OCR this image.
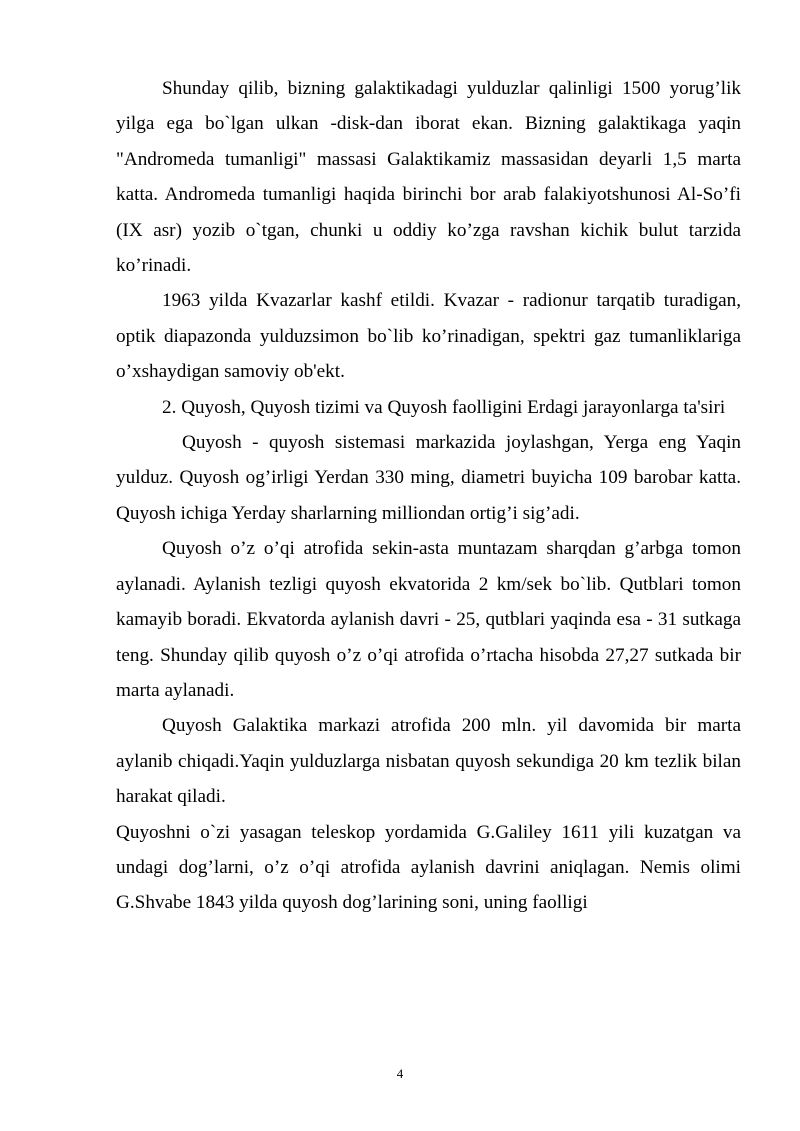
Shunday qilib, bizning galaktikadagi yulduzlar qalinligi 1500 yorug’lik yilga ega bo`lgan ulkan -disk-dan iborat ekan. Bizning galaktikaga yaqin "Andromeda tumanligi" massasi Galaktikamiz massasidan deyarli 1,5 marta katta. Andromeda tumanligi haqida birinchi bor arab falakiyotshunosi Al-So’fi (IX asr) yozib o`tgan, chunki u oddiy ko’zga ravshan kichik bulut tarzida ko’rinadi.

1963 yilda Kvazarlar kashf etildi. Kvazar - radionur tarqatib turadigan, optik diapazonda yulduzsimon bo`lib ko’rinadigan, spektri gaz tumanliklariga o’xshaydigan samoviy ob'ekt.

2. Quyosh, Quyosh tizimi va Quyosh faolligini Erdagi jarayonlarga ta'siri

Quyosh - quyosh sistemasi markazida joylashgan, Yerga eng Yaqin yulduz. Quyosh og’irligi Yerdan 330 ming, diametri buyicha 109 barobar katta. Quyosh ichiga Yerday sharlarning milliondan ortig’i sig’adi.

Quyosh o’z o’qi atrofida sekin-asta muntazam sharqdan g’arbga tomon aylanadi. Aylanish tezligi quyosh ekvatorida 2 km/sek bo`lib. Qutblari tomon kamayib boradi. Ekvatorda aylanish davri - 25, qutblari yaqinda esa - 31 sutkaga teng. Shunday qilib quyosh o’z o’qi atrofida o’rtacha hisobda 27,27 sutkada bir marta aylanadi.

Quyosh Galaktika markazi atrofida 200 mln. yil davomida bir marta aylanib chiqadi.Yaqin yulduzlarga nisbatan quyosh sekundiga 20 km tezlik bilan harakat qiladi.

Quyoshni o`zi yasagan teleskop yordamida G.Galiley 1611 yili kuzatgan va undagi dog’larni, o’z o’qi atrofida aylanish davrini aniqlagan. Nemis olimi G.Shvabe 1843 yilda quyosh dog’larining soni, uning faolligi

4
